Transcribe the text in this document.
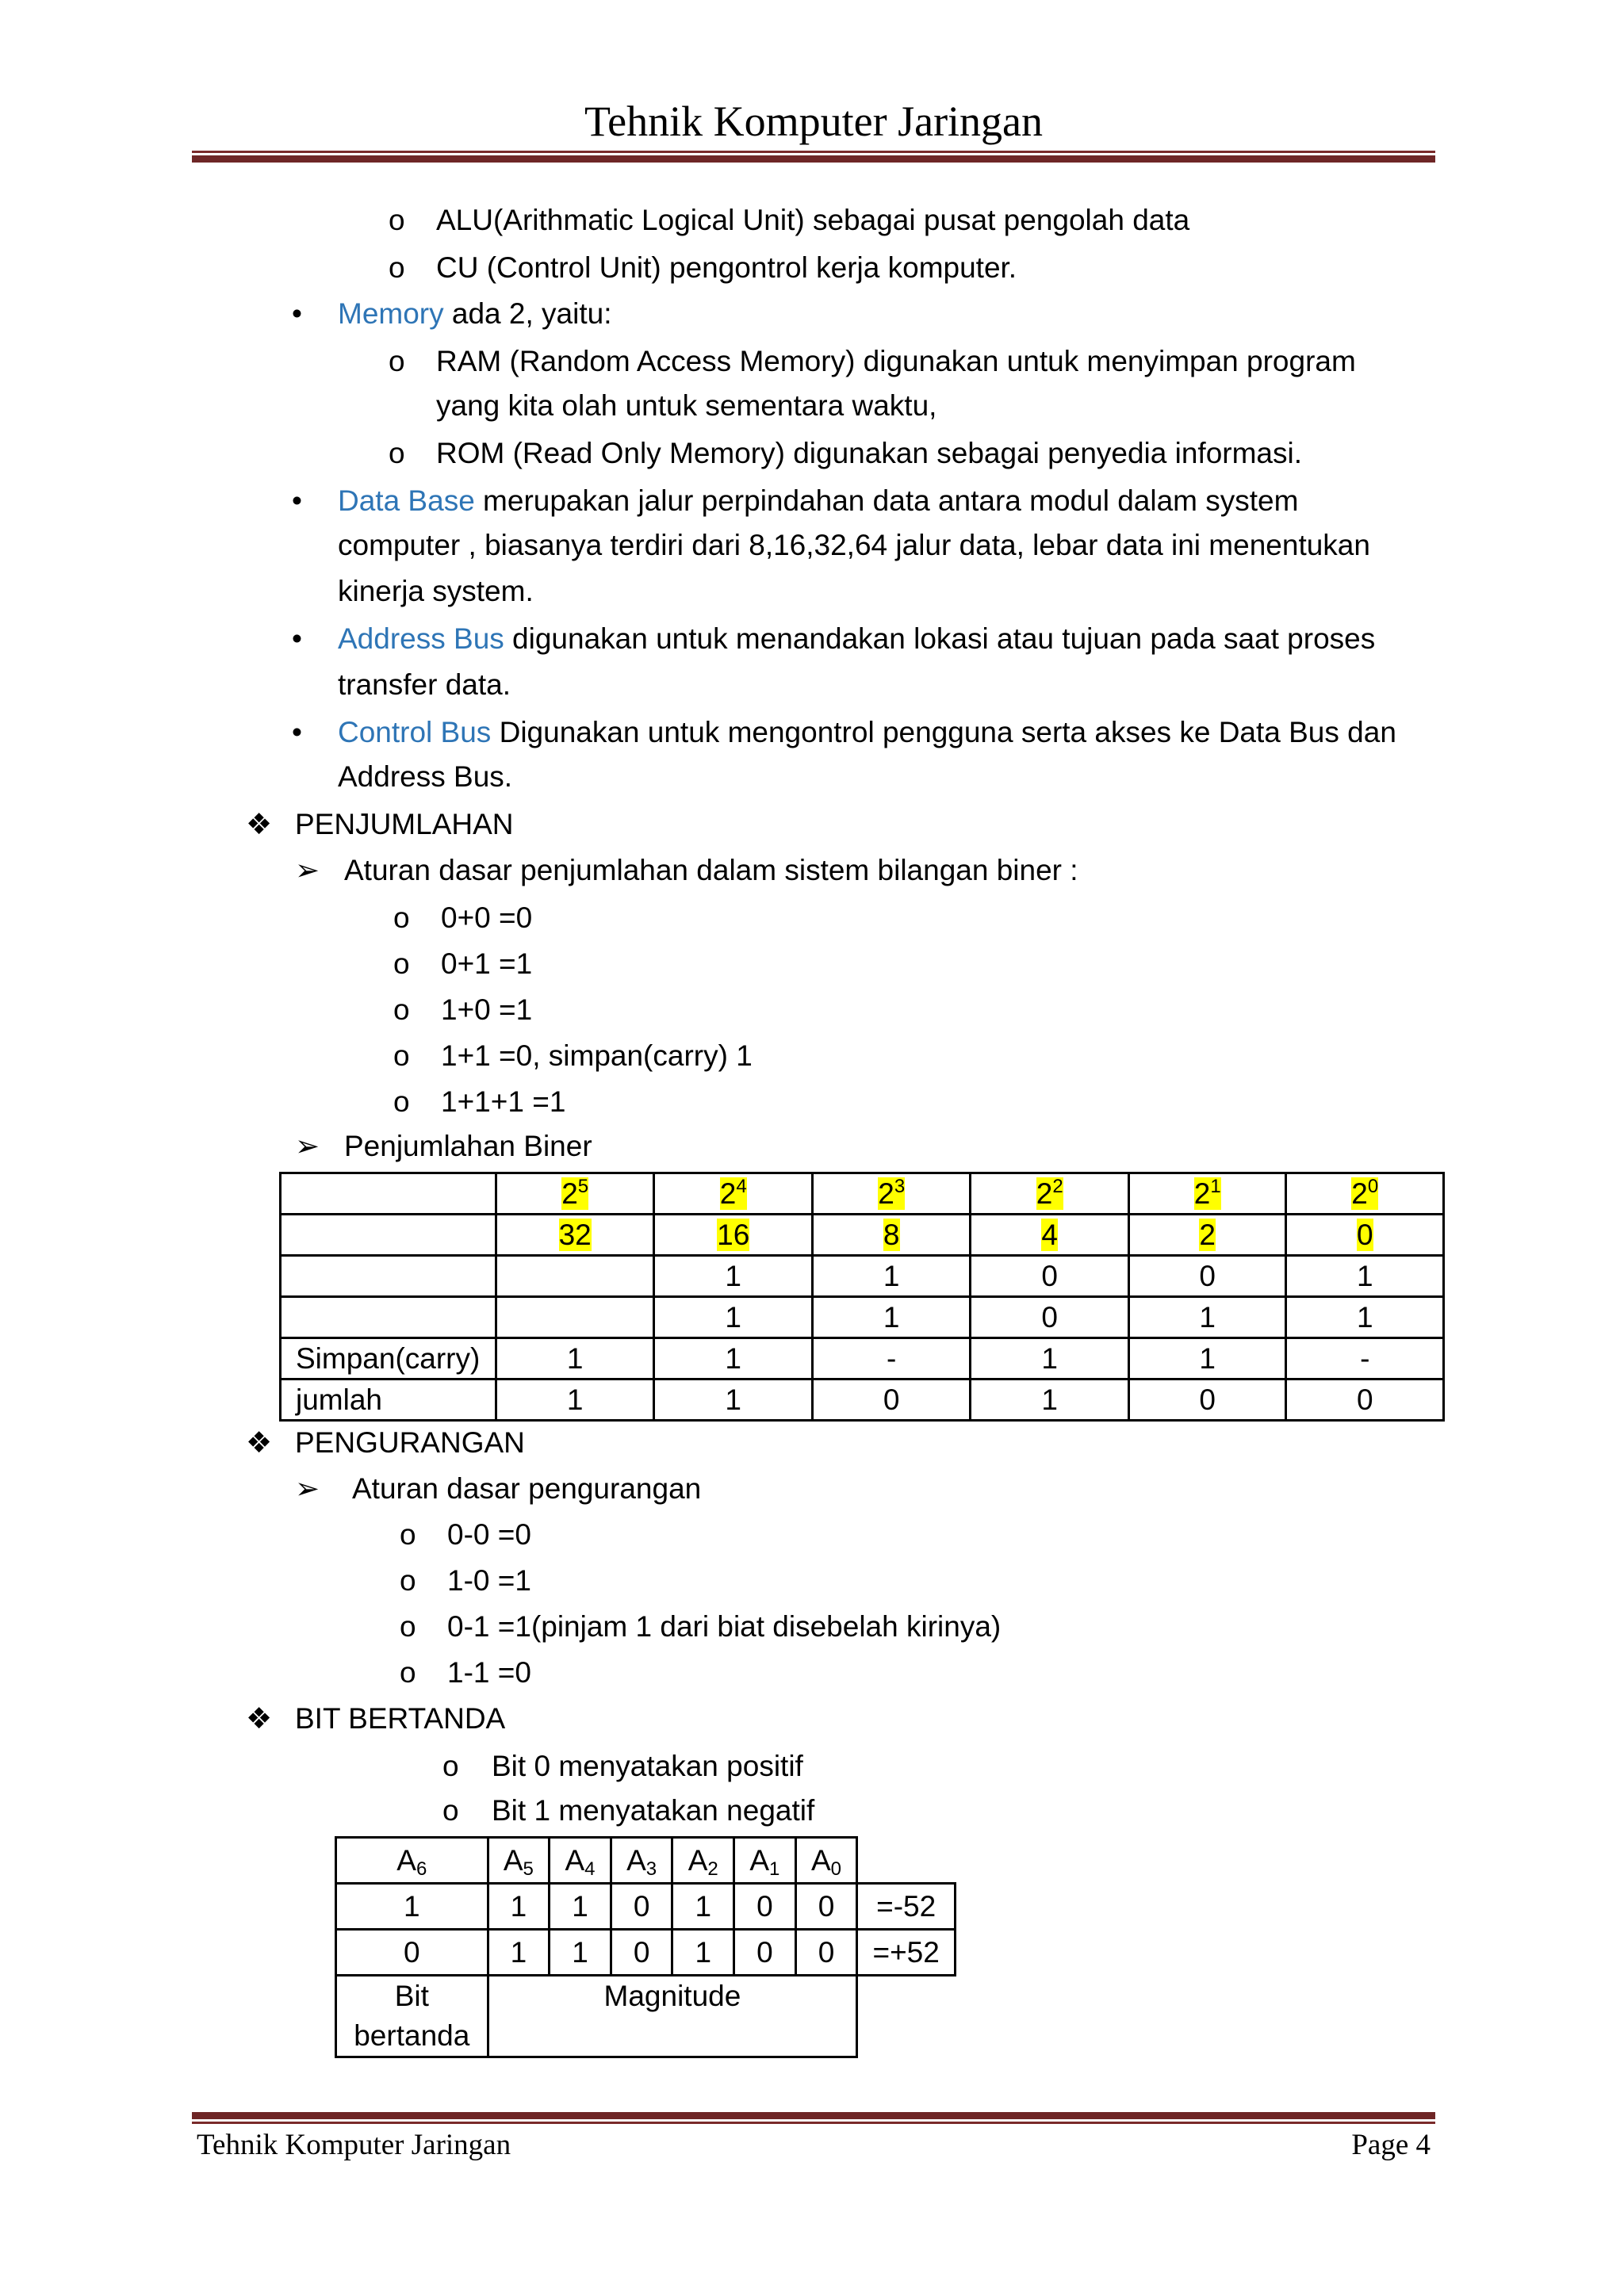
Tehnik Komputer Jaringan
o ALU(Arithmatic Logical Unit) sebagai pusat pengolah data
o CU (Control Unit) pengontrol kerja komputer.
• Memory ada 2, yaitu:
o RAM (Random Access Memory) digunakan untuk menyimpan program
yang kita olah untuk sementara waktu,
o ROM (Read Only Memory) digunakan sebagai penyedia informasi.
• Data Base merupakan jalur perpindahan data antara modul dalam system
computer , biasanya terdiri dari 8,16,32,64 jalur data, lebar data ini menentukan
kinerja system.
• Address Bus digunakan untuk menandakan lokasi atau tujuan pada saat proses
transfer data.
• Control Bus Digunakan untuk mengontrol pengguna serta akses ke Data Bus dan
Address Bus.
❖ PENJUMLAHAN
➢ Aturan dasar penjumlahan dalam sistem bilangan biner :
o 0+0 =0
o 0+1 =1
o 1+0 =1
o 1+1 =0, simpan(carry) 1
o 1+1+1 =1
➢ Penjumlahan Biner
	$2^5$	$2^4$	$2^3$	$2^2$	$2^1$	$2^0$
	32	16	8	4	2	0
		1	1	0	0	1
		1	1	0	1	1
Simpan(carry)	1	1	-	1	1	-
jumlah	1	1	0	1	0	0
❖ PENGURANGAN
➢ Aturan dasar pengurangan
o 0-0 =0
o 1-0 =1
o 0-1 =1(pinjam 1 dari biat disebelah kirinya)
o 1-1 =0
❖ BIT BERTANDA
o Bit 0 menyatakan positif
o Bit 1 menyatakan negatif
$A_6$	$A_5$	$A_4$	$A_3$	$A_2$	$A_1$	$A_0$	
1	1	1	0	1	0	0	=-52
0	1	1	0	1	0	0	=+52
Bit
bertanda	Magnitude						
Tehnik Komputer Jaringan	Page 4
